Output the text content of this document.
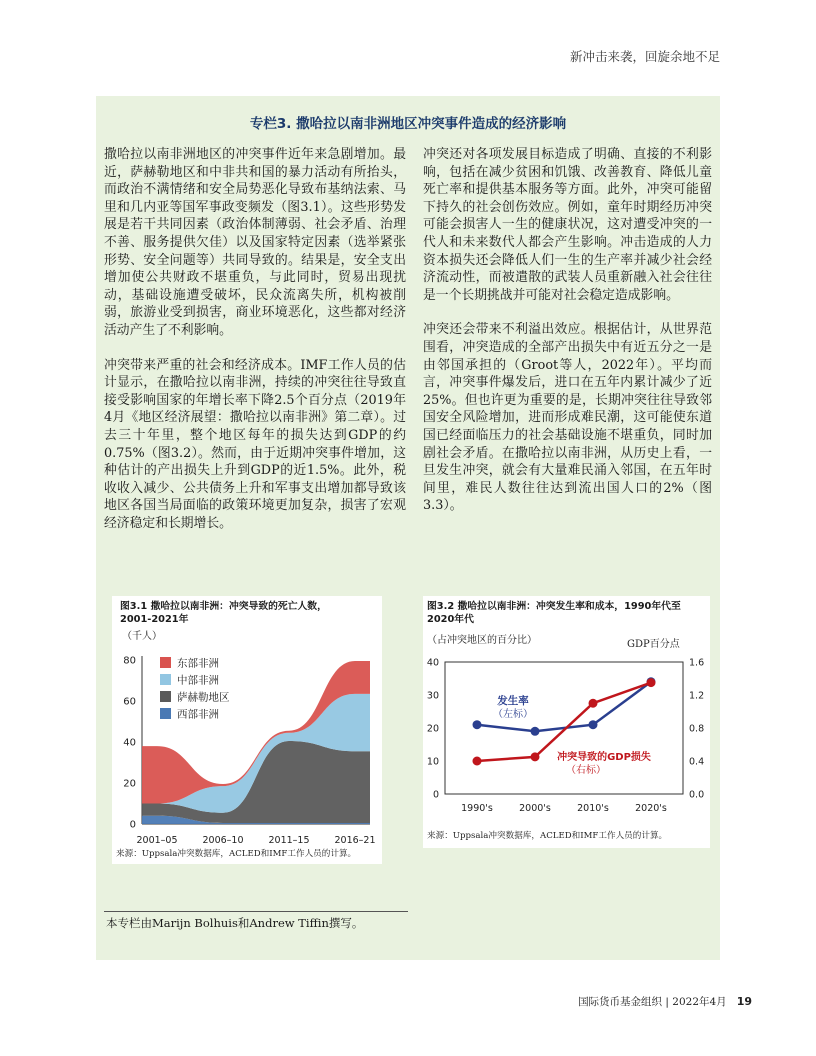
新冲击来袭，回旋余地不足
专栏3. 撒哈拉以南非洲地区冲突事件造成的经济影响

撒哈拉以南非洲地区的冲突事件近年来急剧增加。最近，萨赫勒地区和中非共和国的暴力活动有所抬头，而政治不满情绪和安全局势恶化导致布基纳法索、马里和几内亚等国军事政变频发（图3.1）。这些形势发展是若干共同因素（政治体制薄弱、社会矛盾、治理不善、服务提供欠佳）以及国家特定因素（选举紧张形势、安全问题等）共同导致的。结果是，安全支出增加使公共财政不堪重负，与此同时，贸易出现扰动，基础设施遭受破坏，民众流离失所，机构被削弱，旅游业受到损害，商业环境恶化，这些都对经济活动产生了不利影响。

冲突带来严重的社会和经济成本。IMF工作人员的估计显示，在撒哈拉以南非洲，持续的冲突往往导致直接受影响国家的年增长率下降2.5个百分点（2019年4月《地区经济展望：撒哈拉以南非洲》第二章）。过去三十年里，整个地区每年的损失达到GDP的约0.75%（图3.2）。然而，由于近期冲突事件增加，这种估计的产出损失上升到GDP的近1.5%。此外，税收收入减少、公共债务上升和军事支出增加都导致该地区各国当局面临的政策环境更加复杂，损害了宏观经济稳定和长期增长。

冲突还对各项发展目标造成了明确、直接的不利影响，包括在减少贫困和饥饿、改善教育、降低儿童死亡率和提供基本服务等方面。此外，冲突可能留下持久的社会创伤效应。例如，童年时期经历冲突可能会损害人一生的健康状况，这对遭受冲突的一代人和未来数代人都会产生影响。冲击造成的人力资本损失还会降低人们一生的生产率并减少社会经济流动性，而被遣散的武装人员重新融入社会往往是一个长期挑战并可能对社会稳定造成影响。

冲突还会带来不利溢出效应。根据估计，从世界范围看，冲突造成的全部产出损失中有近五分之一是由邻国承担的（Groot等人，2022年）。平均而言，冲突事件爆发后，进口在五年内累计减少了近25%。但也许更为重要的是，长期冲突往往导致邻国安全风险增加，进而形成难民潮，这可能使东道国已经面临压力的社会基础设施不堪重负，同时加剧社会矛盾。在撒哈拉以南非洲，从历史上看，一旦发生冲突，就会有大量难民涌入邻国，在五年时间里，难民人数往往达到流出国人口的2%（图3.3）。

图3.1 撒哈拉以南非洲：冲突导致的死亡人数，
2001-2021年
（千人）
0
20
40
60
80
2001–05	2006–10	2011–15	2016–21
东部非洲
中部非洲
萨赫勒地区
西部非洲
来源：Uppsala冲突数据库，ACLED和IMF工作人员的计算。
图3.2 撒哈拉以南非洲：冲突发生率和成本，1990年代至
2020年代
（占冲突地区的百分比）	GDP百分点
0
10
20
30
40
0.0
0.4
0.8
1.2
1.6
1990's	2000's	2010's	2020's
发生率
（左标）
冲突导致的GDP损失
（右标）
来源：Uppsala冲突数据库，ACLED和IMF工作人员的计算。
本专栏由Marijn Bolhuis和Andrew Tiffin撰写。
国际货币基金组织 | 2022年4月 19
